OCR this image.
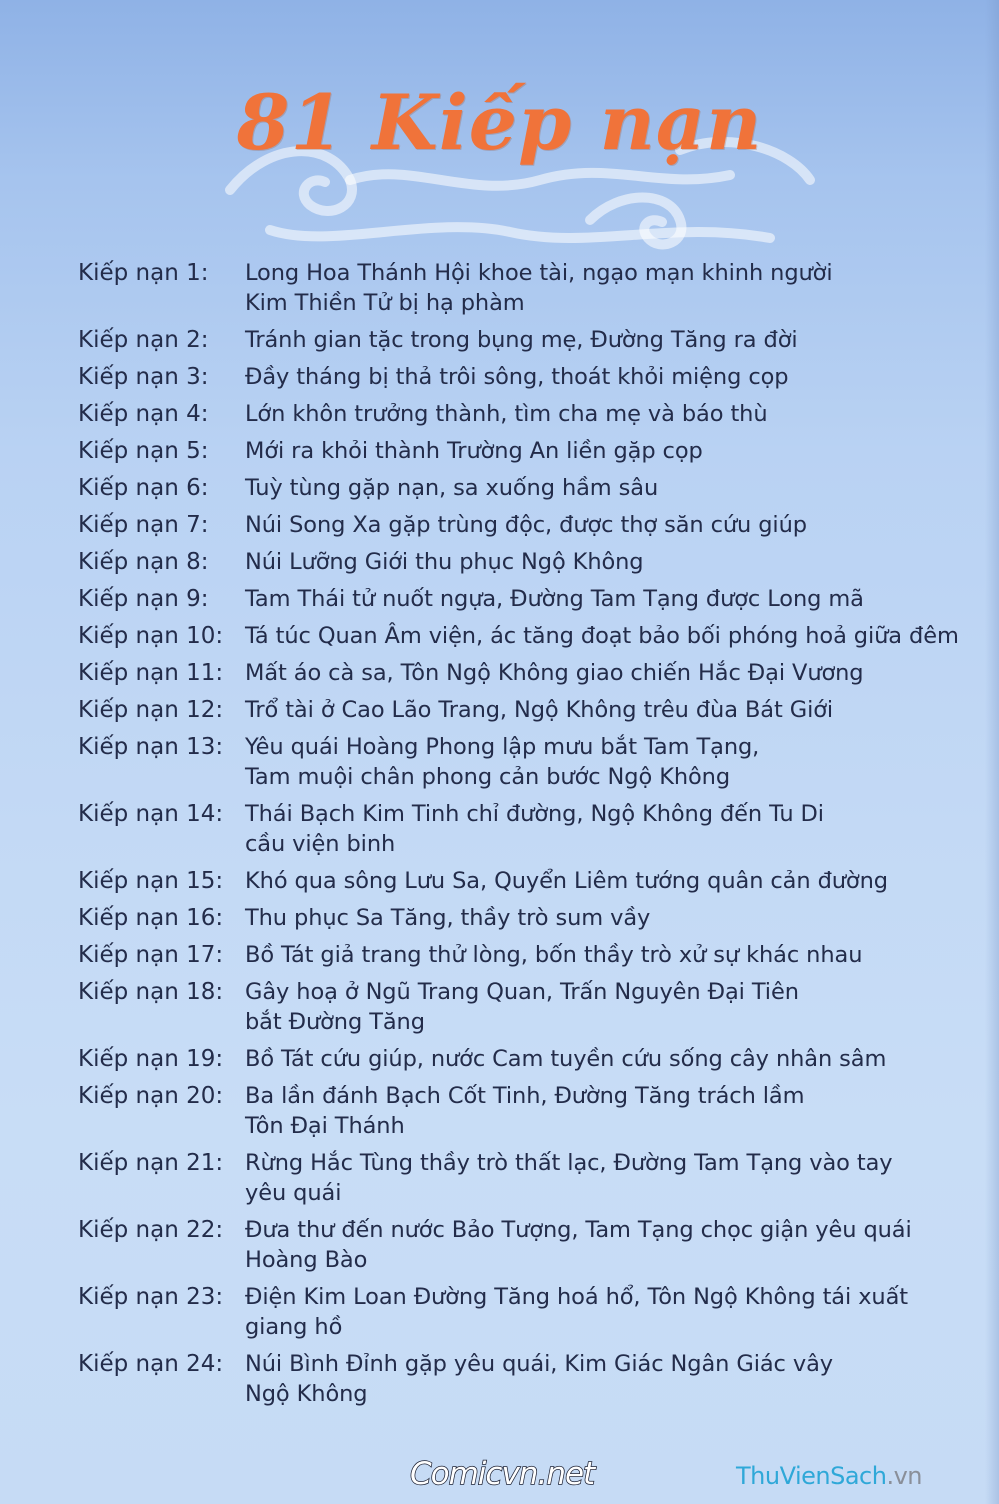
81 Kiếp nạn
Kiếp nạn 1:	Long Hoa Thánh Hội khoe tài, ngạo mạn khinh người
Kim Thiền Tử bị hạ phàm
Kiếp nạn 2:	Tránh gian tặc trong bụng mẹ, Đường Tăng ra đời
Kiếp nạn 3:	Đầy tháng bị thả trôi sông, thoát khỏi miệng cọp
Kiếp nạn 4:	Lớn khôn trưởng thành, tìm cha mẹ và báo thù
Kiếp nạn 5:	Mới ra khỏi thành Trường An liền gặp cọp
Kiếp nạn 6:	Tuỳ tùng gặp nạn, sa xuống hầm sâu
Kiếp nạn 7:	Núi Song Xa gặp trùng độc, được thợ săn cứu giúp
Kiếp nạn 8:	Núi Lưỡng Giới thu phục Ngộ Không
Kiếp nạn 9:	Tam Thái tử nuốt ngựa, Đường Tam Tạng được Long mã
Kiếp nạn 10: Tá túc Quan Âm viện, ác tăng đoạt bảo bối phóng hoả giữa đêm
Kiếp nạn 11: Mất áo cà sa, Tôn Ngộ Không giao chiến Hắc Đại Vương
Kiếp nạn 12: Trổ tài ở Cao Lão Trang, Ngộ Không trêu đùa Bát Giới
Kiếp nạn 13: Yêu quái Hoàng Phong lập mưu bắt Tam Tạng,
Tam muội chân phong cản bước Ngộ Không
Kiếp nạn 14: Thái Bạch Kim Tinh chỉ đường, Ngộ Không đến Tu Di
cầu viện binh
Kiếp nạn 15: Khó qua sông Lưu Sa, Quyển Liêm tướng quân cản đường
Kiếp nạn 16: Thu phục Sa Tăng, thầy trò sum vầy
Kiếp nạn 17: Bồ Tát giả trang thử lòng, bốn thầy trò xử sự khác nhau
Kiếp nạn 18: Gây hoạ ở Ngũ Trang Quan, Trấn Nguyên Đại Tiên
bắt Đường Tăng
Kiếp nạn 19: Bồ Tát cứu giúp, nước Cam tuyền cứu sống cây nhân sâm
Kiếp nạn 20: Ba lần đánh Bạch Cốt Tinh, Đường Tăng trách lầm
Tôn Đại Thánh
Kiếp nạn 21: Rừng Hắc Tùng thầy trò thất lạc, Đường Tam Tạng vào tay
yêu quái
Kiếp nạn 22: Đưa thư đến nước Bảo Tượng, Tam Tạng chọc giận yêu quái
Hoàng Bào
Kiếp nạn 23: Điện Kim Loan Đường Tăng hoá hổ, Tôn Ngộ Không tái xuất
giang hồ
Kiếp nạn 24: Núi Bình Đỉnh gặp yêu quái, Kim Giác Ngân Giác vây
Ngộ Không
Comicvn.net	ThuVienSach.vn
